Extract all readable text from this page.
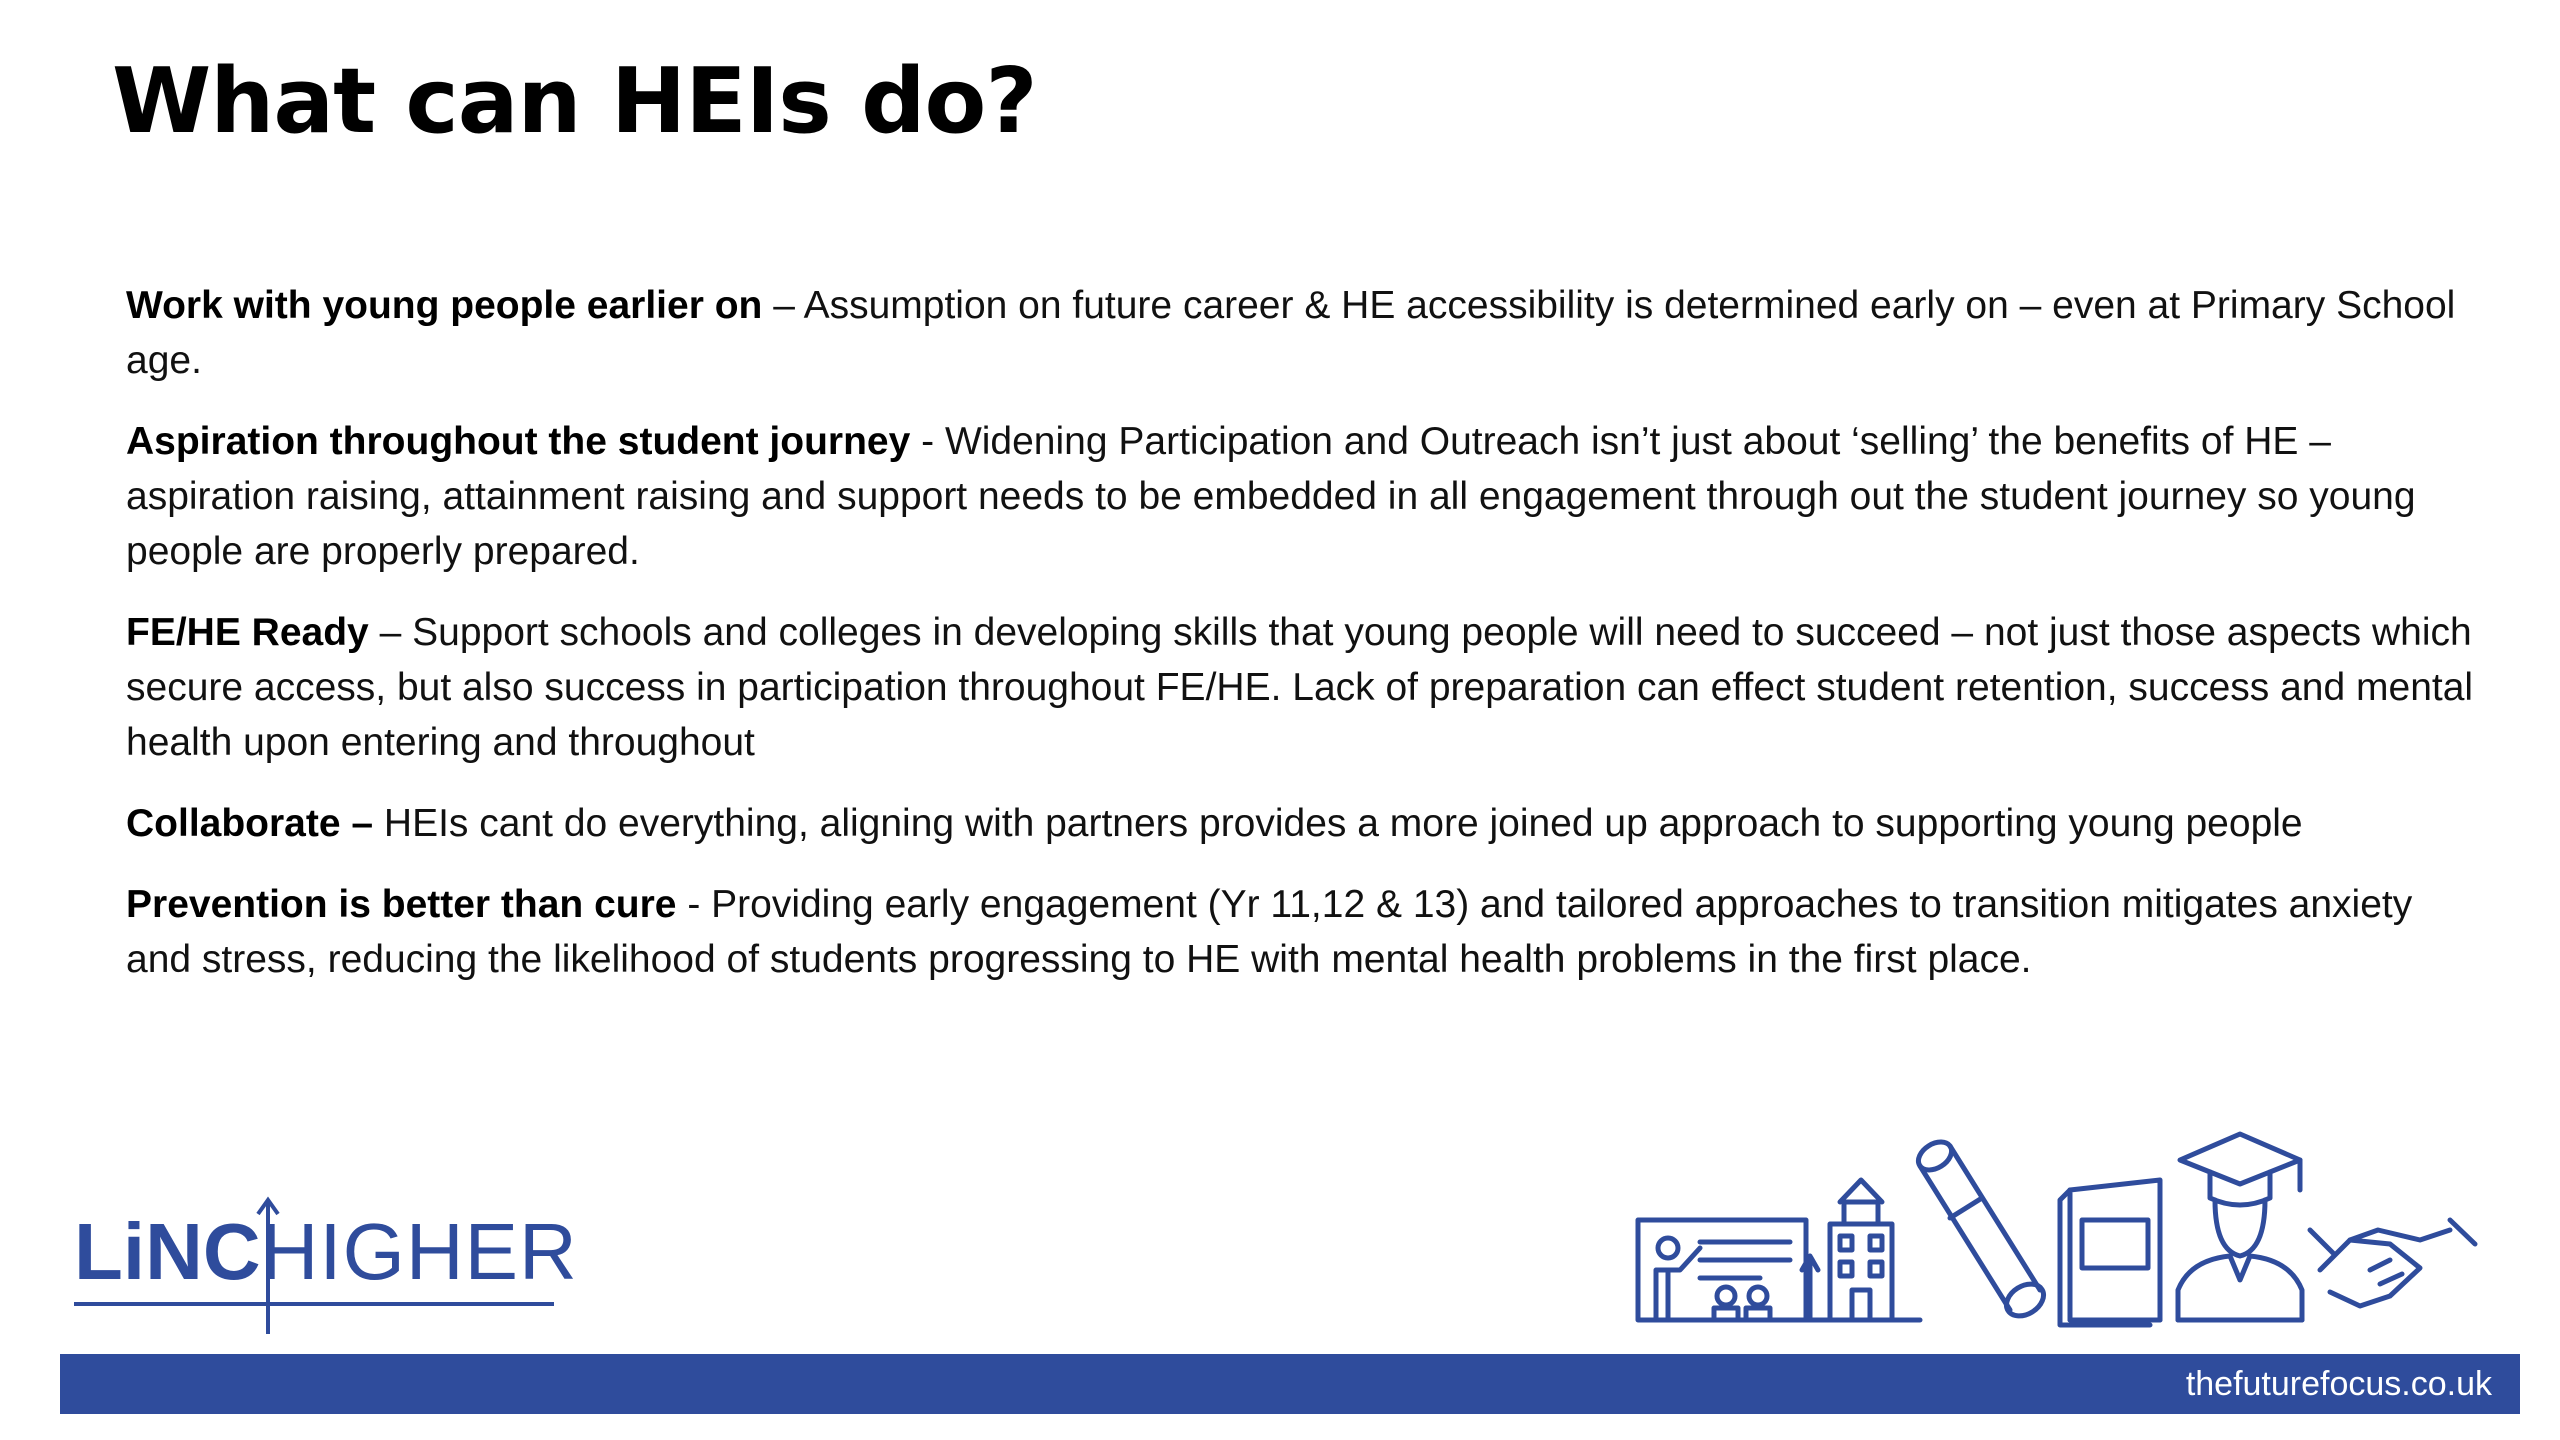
What can HEIs do?

Work with young people earlier on – Assumption on future career & HE accessibility is determined early on – even at Primary School age.

Aspiration throughout the student journey - Widening Participation and Outreach isn’t just about ‘selling’ the benefits of HE – aspiration raising, attainment raising and support needs to be embedded in all engagement through out the student journey so young people are properly prepared.

FE/HE Ready – Support schools and colleges in developing skills that young people will need to succeed – not just those aspects which secure access, but also success in participation throughout FE/HE. Lack of preparation can effect student retention, success and mental health upon entering and throughout

Collaborate – HEIs cant do everything, aligning with partners provides a more joined up approach to supporting young people

Prevention is better than cure - Providing early engagement (Yr 11,12 & 13) and tailored approaches to transition mitigates anxiety and stress, reducing the likelihood of students progressing to HE with mental health problems in the first place.

LiNCHIGHER
thefuturefocus.co.uk
